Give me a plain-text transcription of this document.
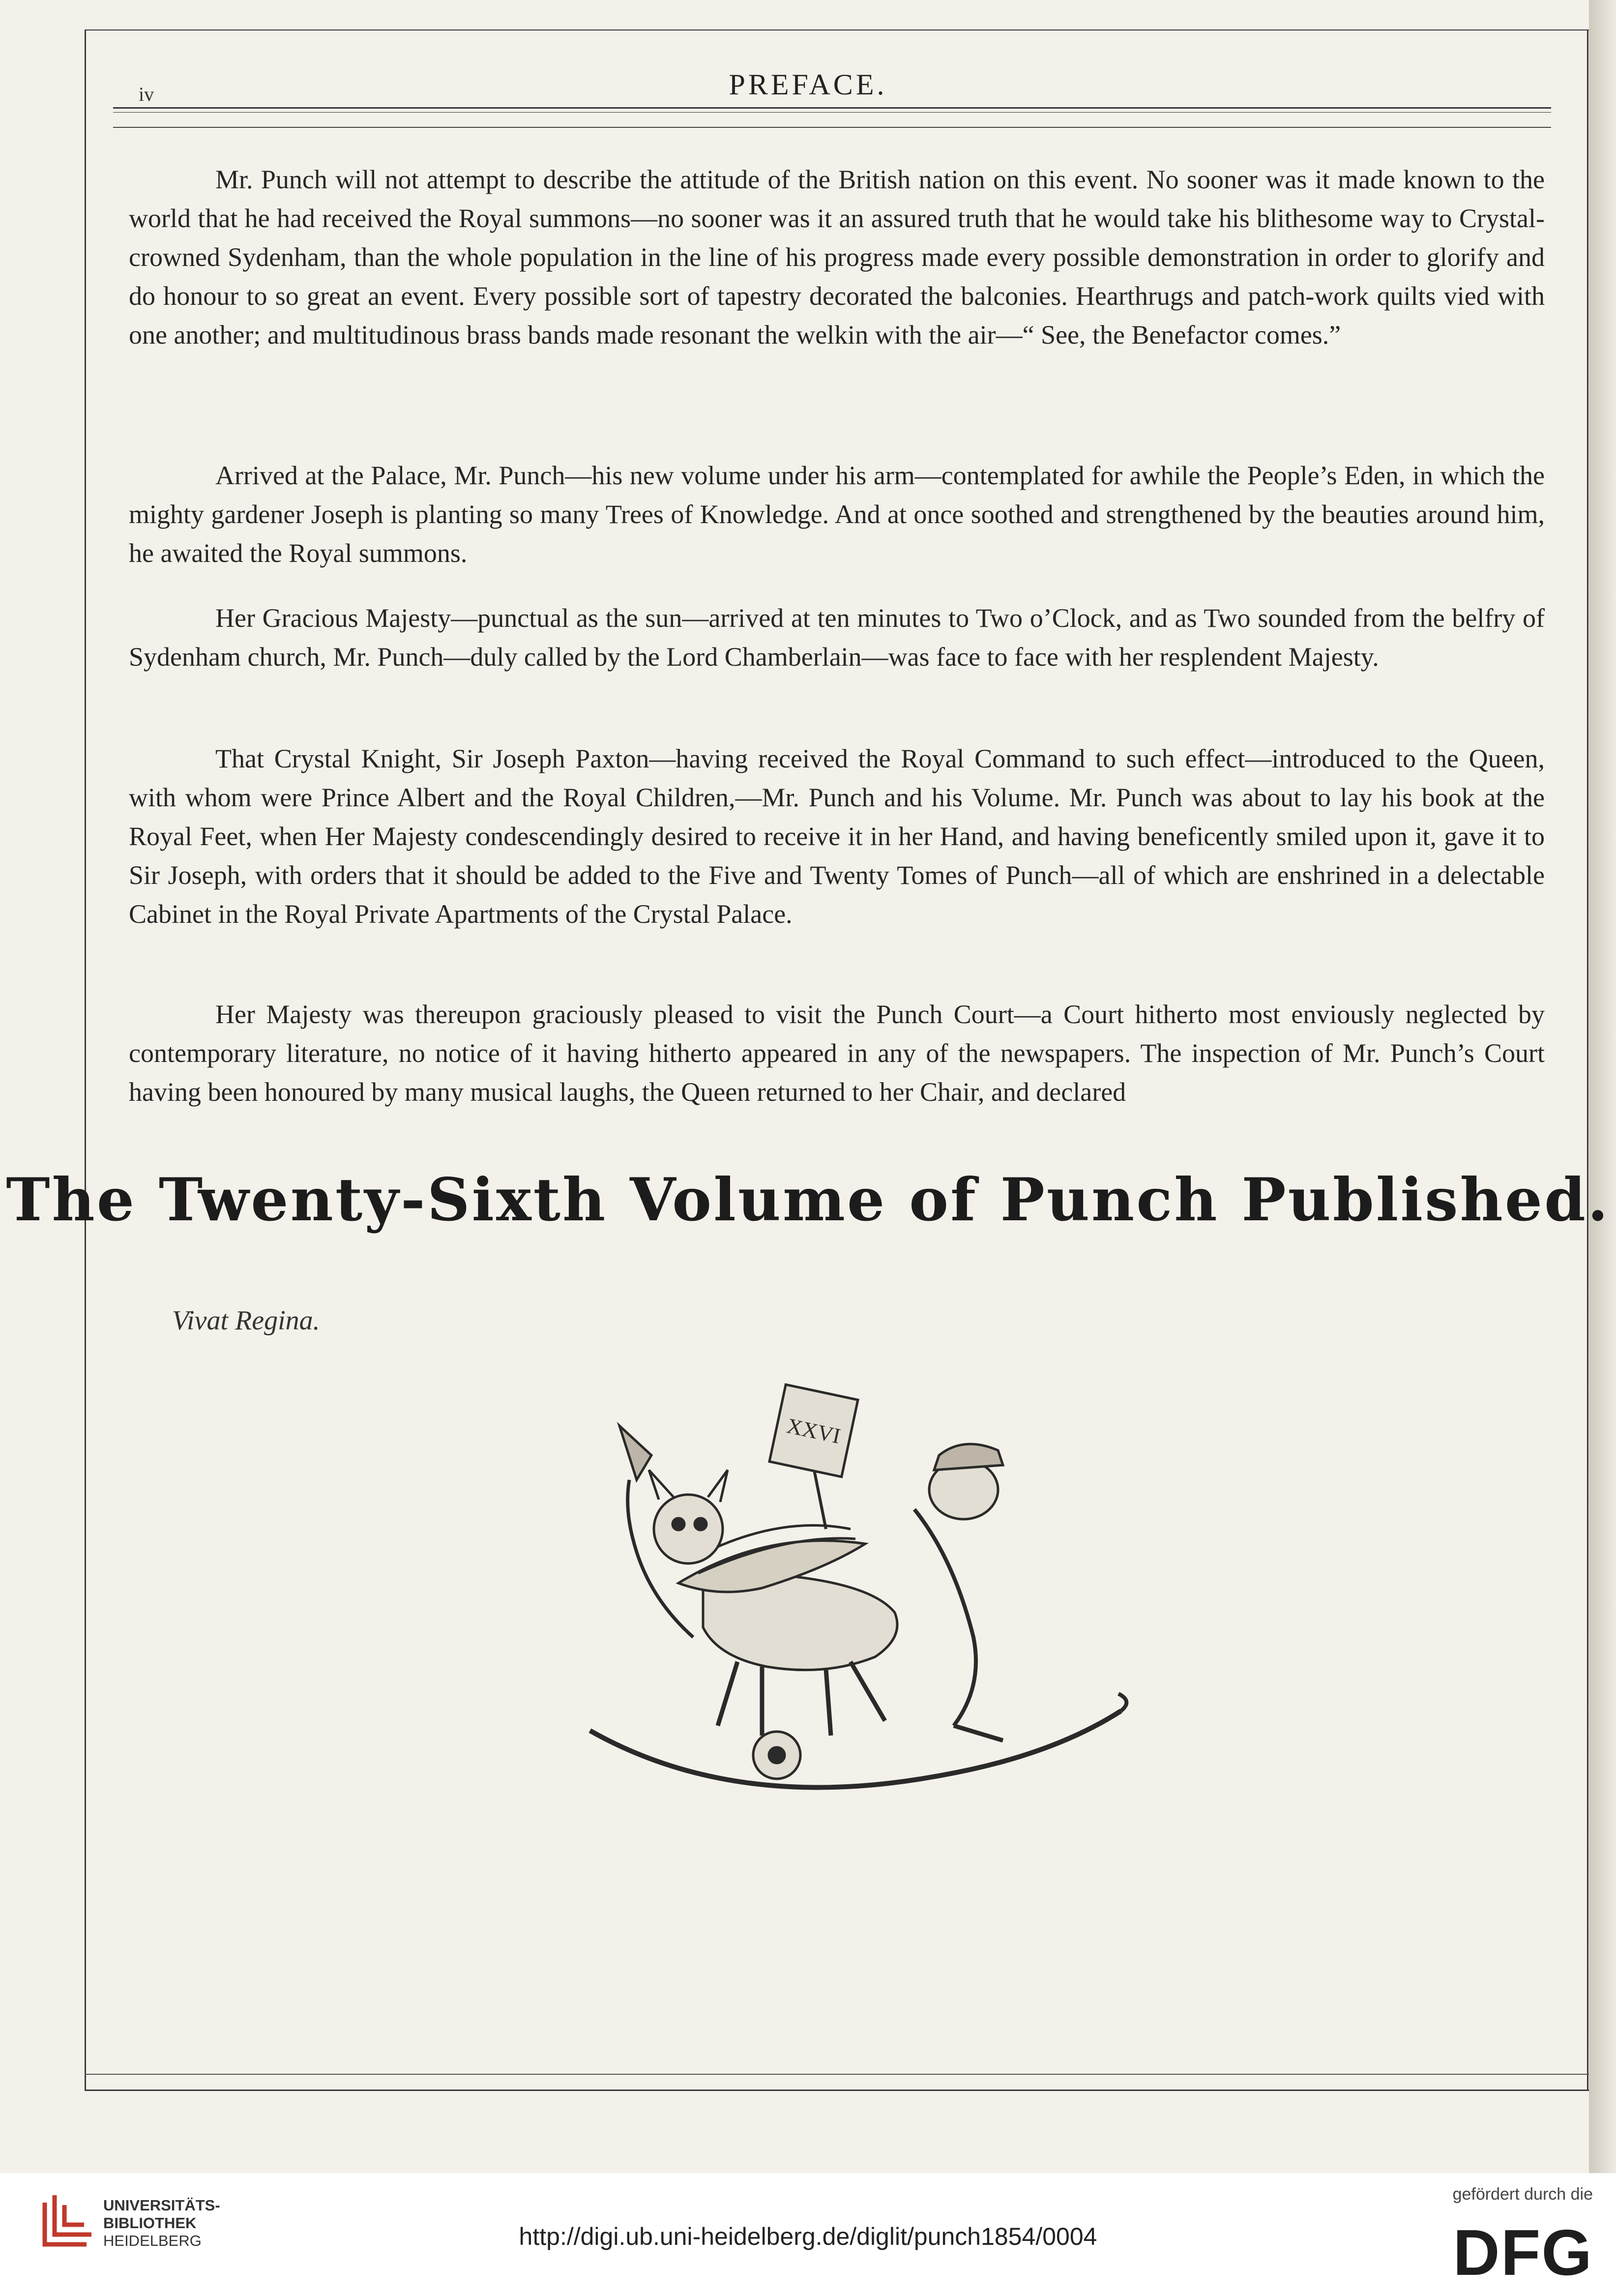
iv	PREFACE.

Mr. Punch will not attempt to describe the attitude of the British nation on this event. No sooner was it made known to the world that he had received the Royal summons—no sooner was it an assured truth that he would take his blithesome way to Crystal-crowned Sydenham, than the whole population in the line of his progress made every possible demonstration in order to glorify and do honour to so great an event. Every possible sort of tapestry decorated the balconies. Hearthrugs and patch-work quilts vied with one another; and multitudinous brass bands made resonant the welkin with the air—“ See, the Benefactor comes.”

Arrived at the Palace, Mr. Punch—his new volume under his arm—contemplated for awhile the People’s Eden, in which the mighty gardener Joseph is planting so many Trees of Knowledge. And at once soothed and strengthened by the beauties around him, he awaited the Royal summons.

Her Gracious Majesty—punctual as the sun—arrived at ten minutes to Two o’Clock, and as Two sounded from the belfry of Sydenham church, Mr. Punch—duly called by the Lord Chamberlain—was face to face with her resplendent Majesty.

That Crystal Knight, Sir Joseph Paxton—having received the Royal Command to such effect—introduced to the Queen, with whom were Prince Albert and the Royal Children,—Mr. Punch and his Volume. Mr. Punch was about to lay his book at the Royal Feet, when Her Majesty condescendingly desired to receive it in her Hand, and having beneficently smiled upon it, gave it to Sir Joseph, with orders that it should be added to the Five and Twenty Tomes of Punch—all of which are enshrined in a delectable Cabinet in the Royal Private Apartments of the Crystal Palace.

Her Majesty was thereupon graciously pleased to visit the Punch Court—a Court hitherto most enviously neglected by contemporary literature, no notice of it having hitherto appeared in any of the newspapers. The inspection of Mr. Punch’s Court having been honoured by many musical laughs, the Queen returned to her Chair, and declared

The Twenty-Sixth Volume of Punch Published.
Vivat Regina.
XXVI
UNIVERSITÄTS-
BIBLIOTHEK
HEIDELBERG	http://digi.ub.uni-heidelberg.de/diglit/punch1854/0004
gefördert durch die
DFG
